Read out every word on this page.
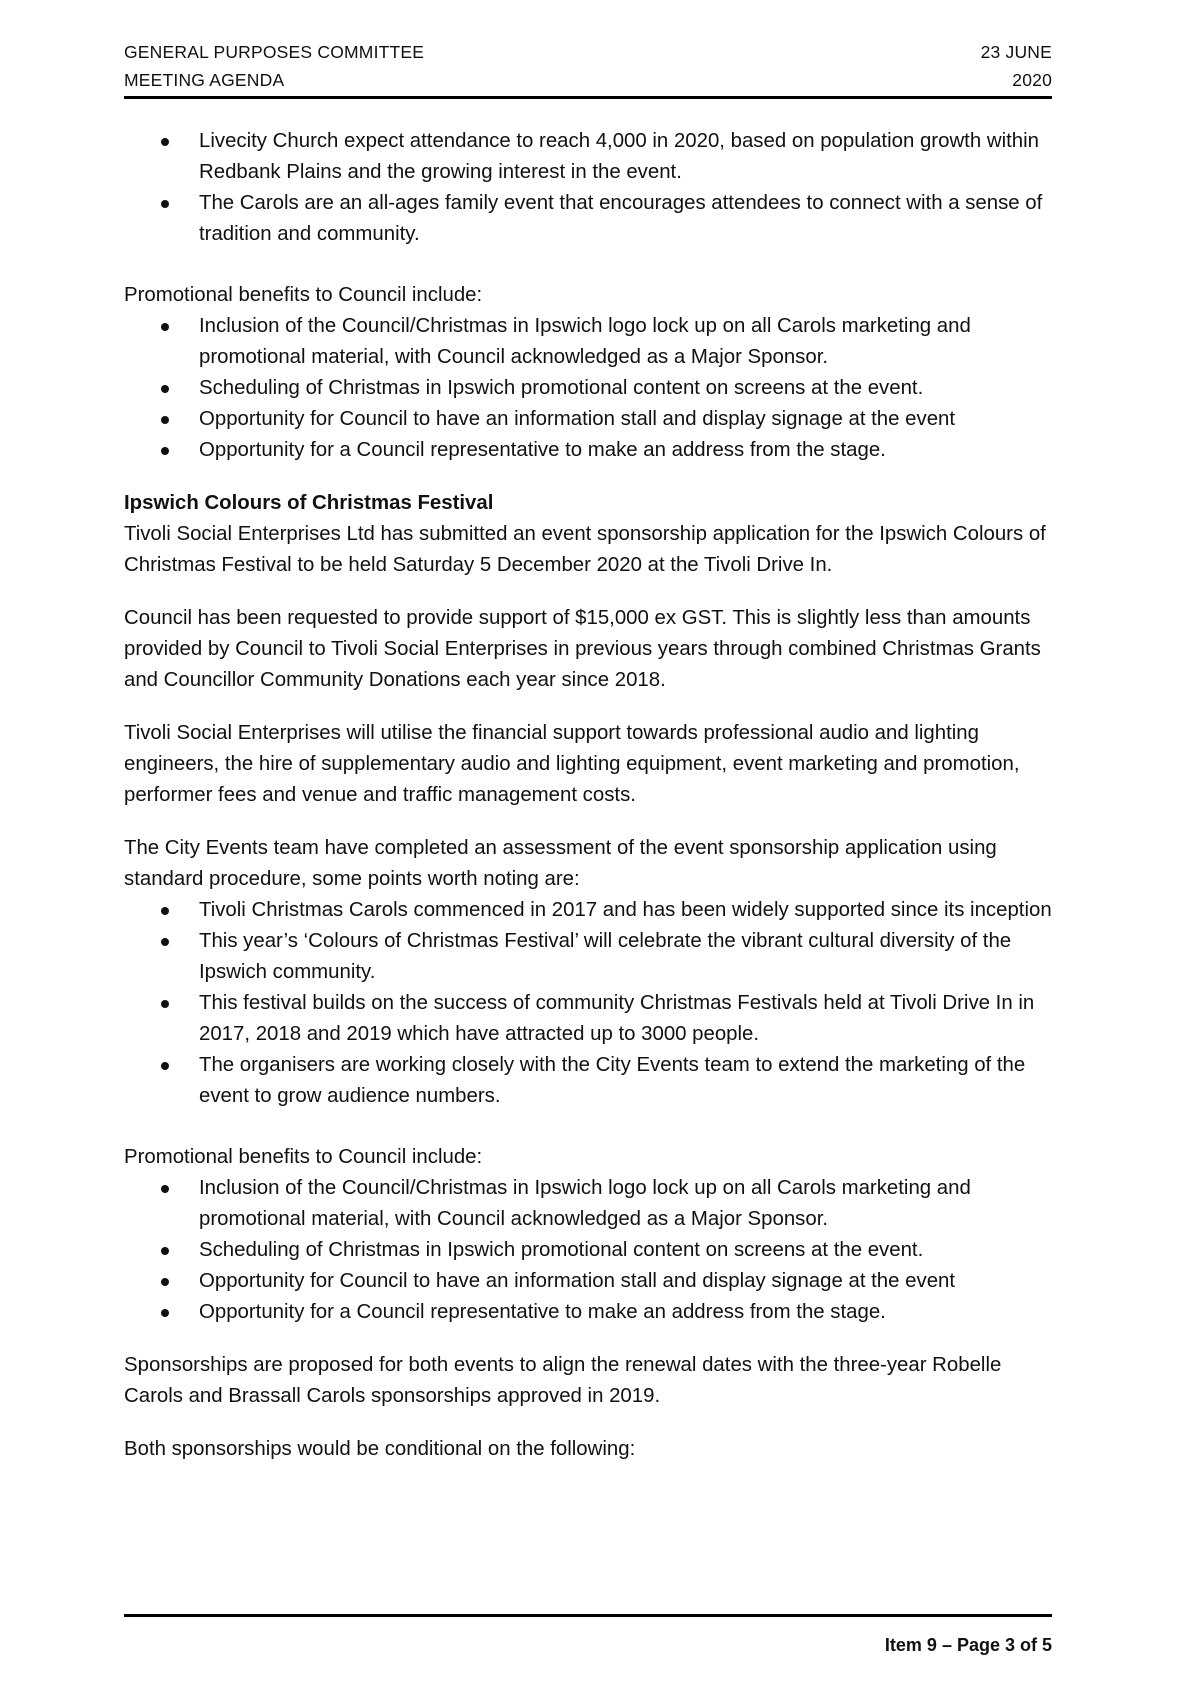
GENERAL PURPOSES COMMITTEE
MEETING AGENDA
23 JUNE
2020
Livecity Church expect attendance to reach 4,000 in 2020, based on population growth within Redbank Plains and the growing interest in the event.
The Carols are an all-ages family event that encourages attendees to connect with a sense of tradition and community.

Promotional benefits to Council include:

Inclusion of the Council/Christmas in Ipswich logo lock up on all Carols marketing and promotional material, with Council acknowledged as a Major Sponsor.
Scheduling of Christmas in Ipswich promotional content on screens at the event.
Opportunity for Council to have an information stall and display signage at the event
Opportunity for a Council representative to make an address from the stage.

Ipswich Colours of Christmas Festival

Tivoli Social Enterprises Ltd has submitted an event sponsorship application for the Ipswich Colours of Christmas Festival to be held Saturday 5 December 2020 at the Tivoli Drive In.

Council has been requested to provide support of $15,000 ex GST. This is slightly less than amounts provided by Council to Tivoli Social Enterprises in previous years through combined Christmas Grants and Councillor Community Donations each year since 2018.

Tivoli Social Enterprises will utilise the financial support towards professional audio and lighting engineers, the hire of supplementary audio and lighting equipment, event marketing and promotion, performer fees and venue and traffic management costs.

The City Events team have completed an assessment of the event sponsorship application using standard procedure, some points worth noting are:

Tivoli Christmas Carols commenced in 2017 and has been widely supported since its inception
This year’s ‘Colours of Christmas Festival’ will celebrate the vibrant cultural diversity of the Ipswich community.
This festival builds on the success of community Christmas Festivals held at Tivoli Drive In in 2017, 2018 and 2019 which have attracted up to 3000 people.
The organisers are working closely with the City Events team to extend the marketing of the event to grow audience numbers.

Promotional benefits to Council include:

Inclusion of the Council/Christmas in Ipswich logo lock up on all Carols marketing and promotional material, with Council acknowledged as a Major Sponsor.
Scheduling of Christmas in Ipswich promotional content on screens at the event.
Opportunity for Council to have an information stall and display signage at the event
Opportunity for a Council representative to make an address from the stage.

Sponsorships are proposed for both events to align the renewal dates with the three-year Robelle Carols and Brassall Carols sponsorships approved in 2019.

Both sponsorships would be conditional on the following:

Item 9 – Page 3 of 5
